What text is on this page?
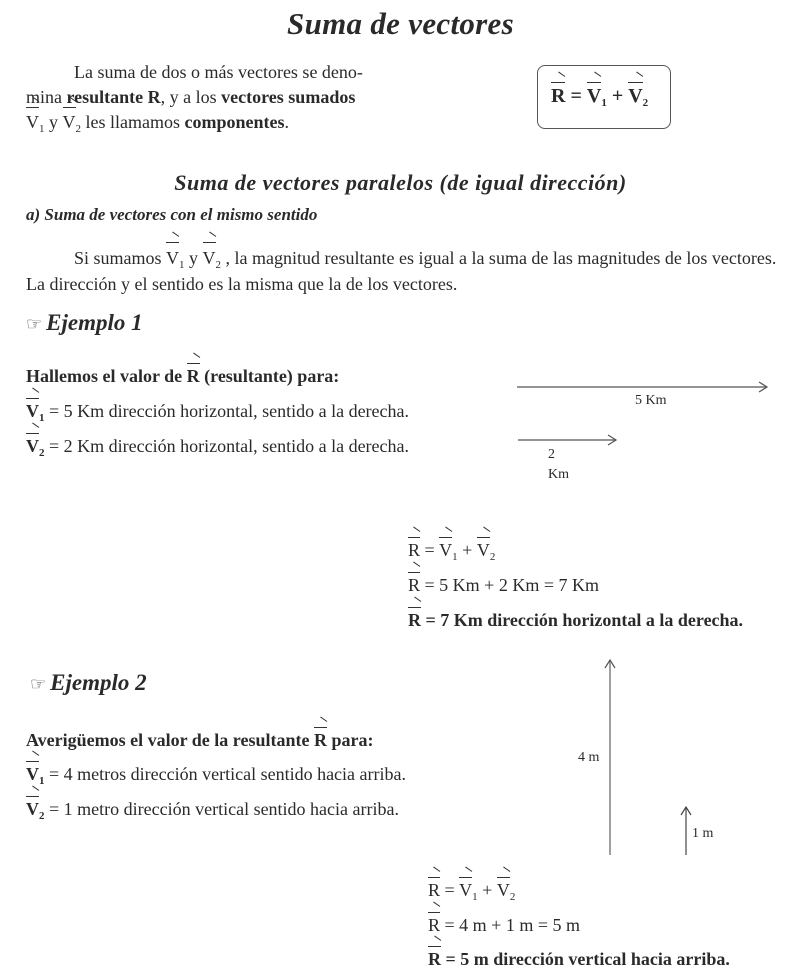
Suma de vectores
La suma de dos o más vectores se deno-
mina resultante R, y a los vectores sumados
$V_1$ y $V_2$ les llamamos componentes.
$R = V_1 + V_2$
Suma de vectores paralelos (de igual dirección)
a) Suma de vectores con el mismo sentido
Si sumamos $V_1$ y $V_2$ , la magnitud resultante es igual a la suma de las magnitudes de los vectores. La dirección y el sentido es la misma que la de los vectores.
☞ Ejemplo 1
Hallemos el valor de R (resultante) para:
$V_1 = 5$ Km dirección horizontal, sentido a la derecha.
$V_2 = 2$ Km dirección horizontal, sentido a la derecha.
5 Km
2
Km
$R = V_1 + V_2$
R = 5 Km + 2 Km = 7 Km
R = 7 Km dirección horizontal a la derecha.
☞ Ejemplo 2
Averigüemos el valor de la resultante R para:
$V_1 = 4$ metros dirección vertical sentido hacia arriba.
$V_2 = 1$ metro dirección vertical sentido hacia arriba.
4 m
1 m
$R = V_1 + V_2$
R = 4 m + 1 m = 5 m
R = 5 m dirección vertical hacia arriba.
